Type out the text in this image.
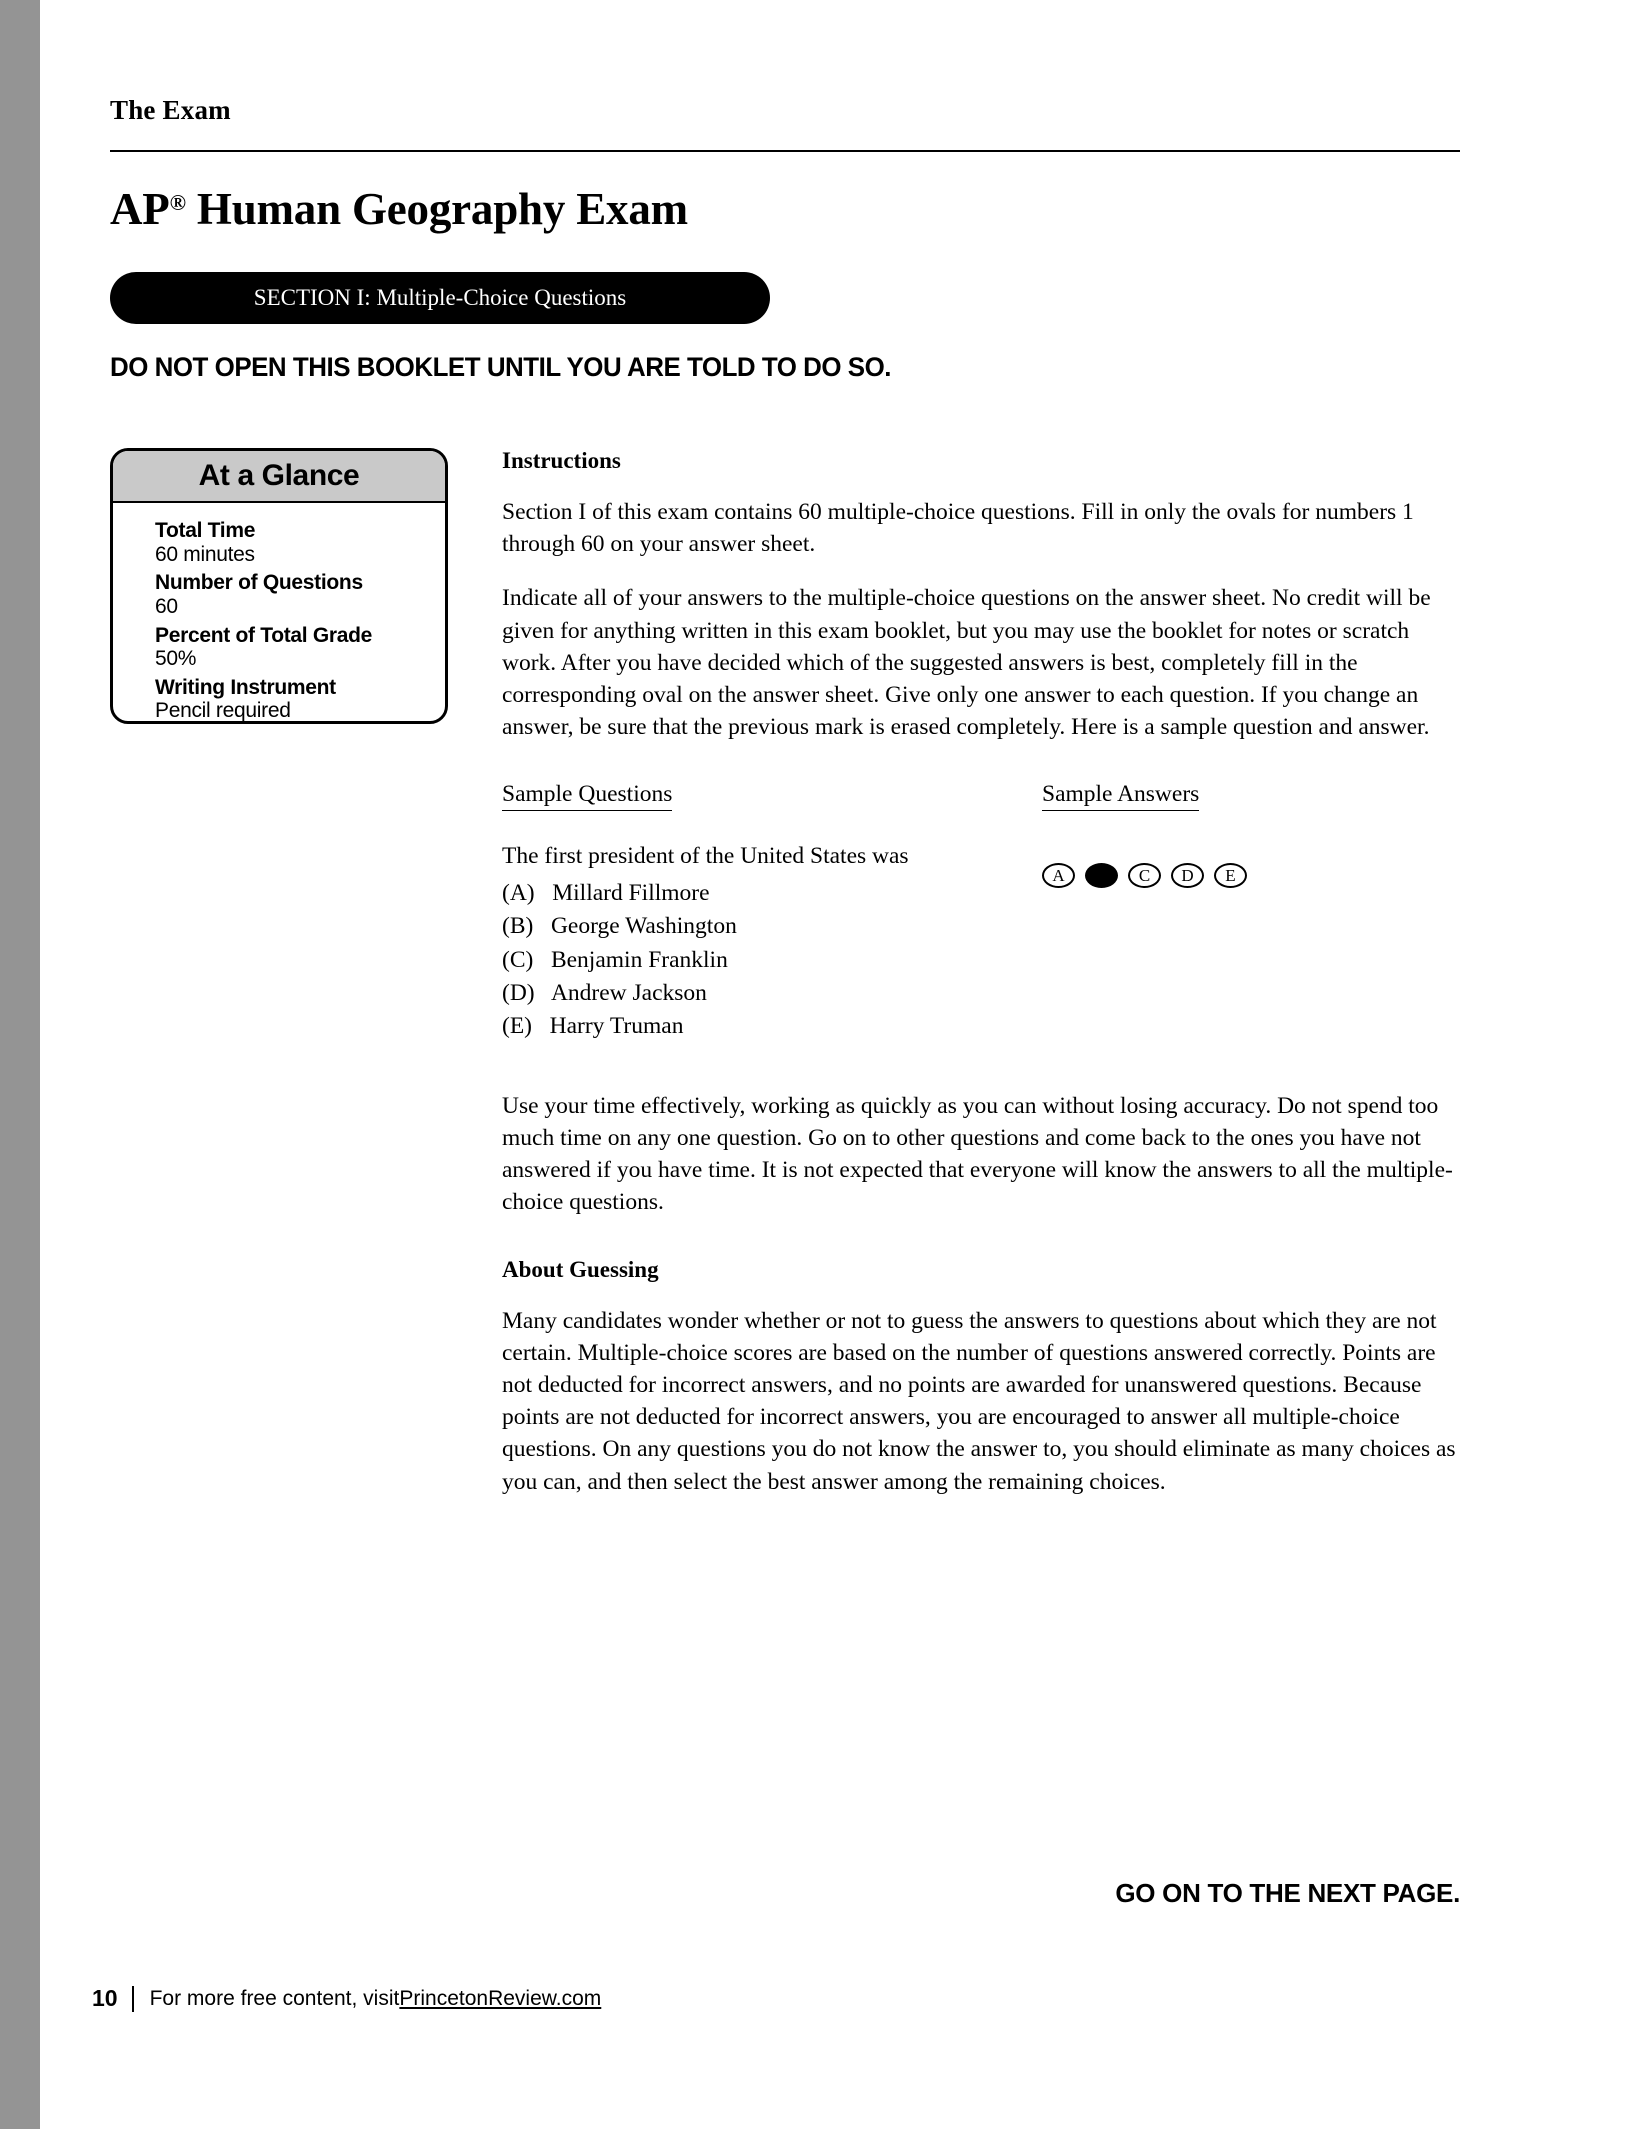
The Exam
AP® Human Geography Exam
SECTION I: Multiple-Choice Questions
DO NOT OPEN THIS BOOKLET UNTIL YOU ARE TOLD TO DO SO.
At a Glance
Total Time
60 minutes
Number of Questions
60
Percent of Total Grade
50%
Writing Instrument
Pencil required
Instructions
Section I of this exam contains 60 multiple-choice questions. Fill in only the ovals for numbers 1 through 60 on your answer sheet.
Indicate all of your answers to the multiple-choice questions on the answer sheet. No credit will be given for anything written in this exam booklet, but you may use the booklet for notes or scratch work. After you have decided which of the suggested answers is best, completely fill in the corresponding oval on the answer sheet. Give only one answer to each question. If you change an answer, be sure that the previous mark is erased completely. Here is a sample question and answer.
Sample Questions	Sample Answers
The first president of the United States was
(A)   Millard Fillmore
(B)   George Washington
(C)   Benjamin Franklin
(D)   Andrew Jackson
(E)   Harry Truman
A	C	D	E
Use your time effectively, working as quickly as you can without losing accuracy. Do not spend too much time on any one question. Go on to other questions and come back to the ones you have not answered if you have time. It is not expected that everyone will know the answers to all the multiple-choice questions.
About Guessing
Many candidates wonder whether or not to guess the answers to questions about which they are not certain. Multiple-choice scores are based on the number of questions answered correctly. Points are not deducted for incorrect answers, and no points are awarded for unanswered questions. Because points are not deducted for incorrect answers, you are encouraged to answer all multiple-choice questions. On any questions you do not know the answer to, you should eliminate as many choices as you can, and then select the best answer among the remaining choices.
GO ON TO THE NEXT PAGE.
10 For more free content, visit PrincetonReview.com
